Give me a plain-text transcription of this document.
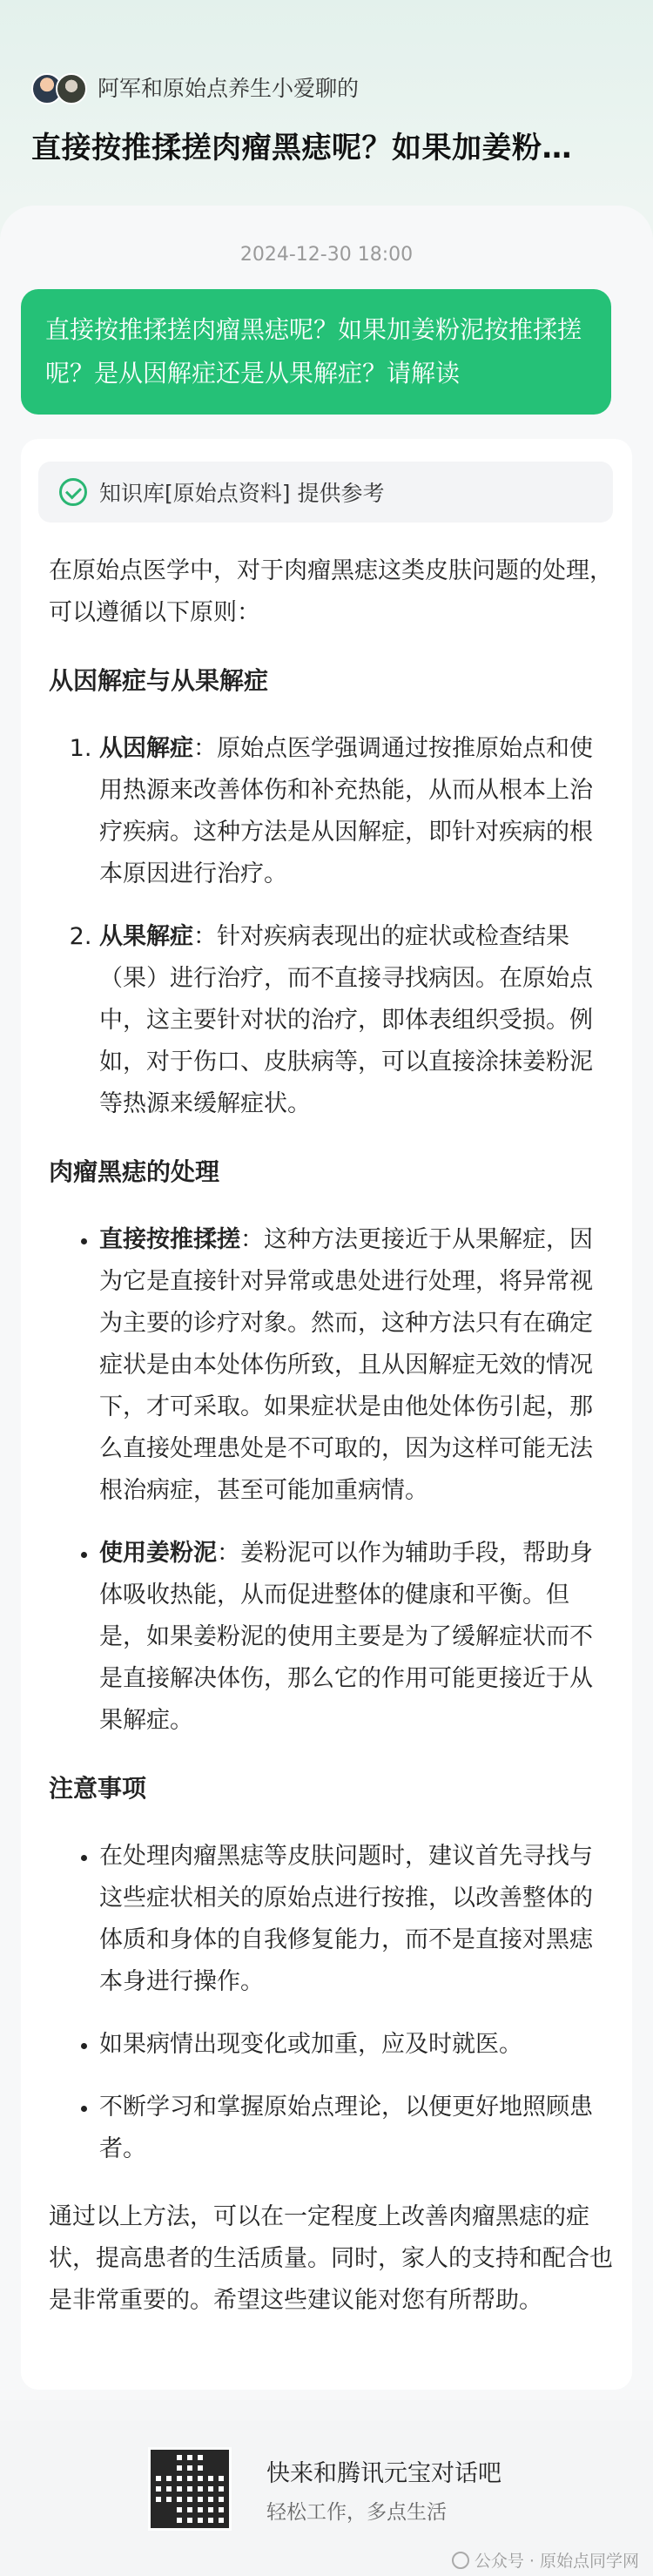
阿军和原始点养生小爱聊的
直接按推揉搓肉瘤黑痣呢？如果加姜粉…
2024-12-30 18:00
直接按推揉搓肉瘤黑痣呢？如果加姜粉泥按推揉搓呢？是从因解症还是从果解症？请解读
知识库[原始点资料] 提供参考

在原始点医学中，对于肉瘤黑痣这类皮肤问题的处理，可以遵循以下原则：

从因解症与从果解症
1. 从因解症：原始点医学强调通过按推原始点和使用热源来改善体伤和补充热能，从而从根本上治疗疾病。这种方法是从因解症，即针对疾病的根本原因进行治疗。
2. 从果解症：针对疾病表现出的症状或检查结果（果）进行治疗，而不直接寻找病因。在原始点中，这主要针对状的治疗，即体表组织受损。例如，对于伤口、皮肤病等，可以直接涂抹姜粉泥等热源来缓解症状。
肉瘤黑痣的处理
• 直接按推揉搓：这种方法更接近于从果解症，因为它是直接针对异常或患处进行处理，将异常视为主要的诊疗对象。然而，这种方法只有在确定症状是由本处体伤所致，且从因解症无效的情况下，才可采取。如果症状是由他处体伤引起，那么直接处理患处是不可取的，因为这样可能无法根治病症，甚至可能加重病情。
• 使用姜粉泥：姜粉泥可以作为辅助手段，帮助身体吸收热能，从而促进整体的健康和平衡。但是，如果姜粉泥的使用主要是为了缓解症状而不是直接解决体伤，那么它的作用可能更接近于从果解症。
注意事项
• 在处理肉瘤黑痣等皮肤问题时，建议首先寻找与这些症状相关的原始点进行按推，以改善整体的体质和身体的自我修复能力，而不是直接对黑痣本身进行操作。
• 如果病情出现变化或加重，应及时就医。
• 不断学习和掌握原始点理论，以便更好地照顾患者。

通过以上方法，可以在一定程度上改善肉瘤黑痣的症状，提高患者的生活质量。同时，家人的支持和配合也是非常重要的。希望这些建议能对您有所帮助。

快来和腾讯元宝对话吧
轻松工作，多点生活
公众号 · 原始点同学网
